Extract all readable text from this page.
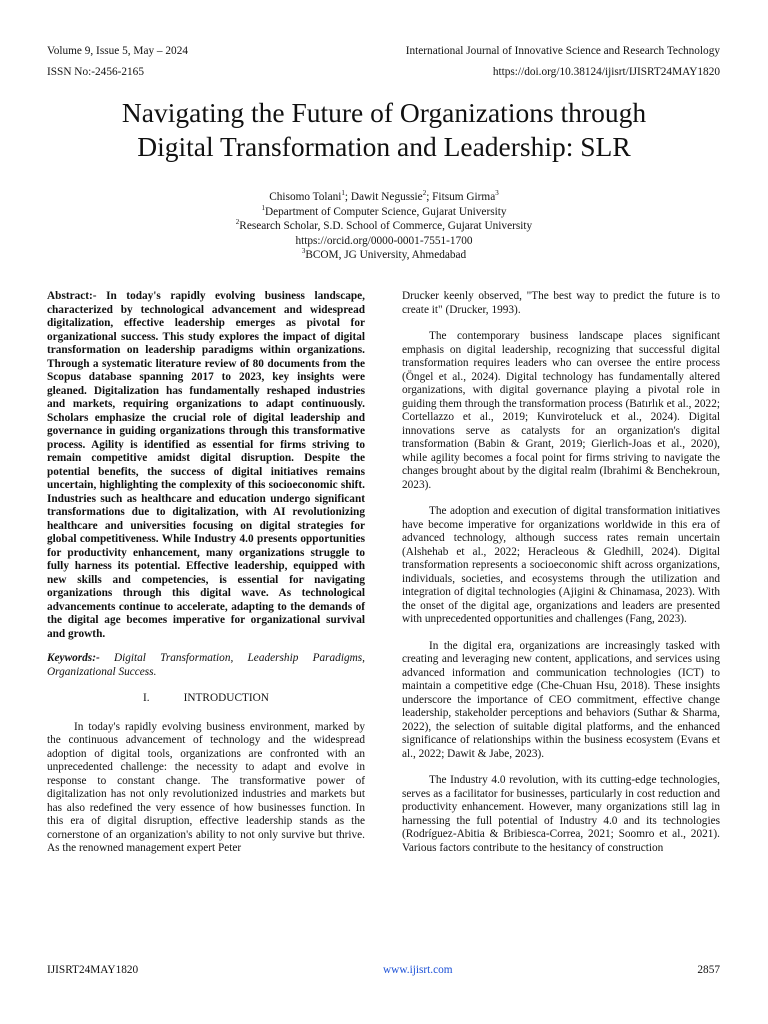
Volume 9, Issue 5, May – 2024	International Journal of Innovative Science and Research Technology
ISSN No:-2456-2165	https://doi.org/10.38124/ijisrt/IJISRT24MAY1820
Navigating the Future of Organizations through
Digital Transformation and Leadership: SLR
Chisomo Tolani$^1$; Dawit Negussie$^2$; Fitsum Girma$^3$
$^1$Department of Computer Science, Gujarat University
$^2$Research Scholar, S.D. School of Commerce, Gujarat University
https://orcid.org/0000-0001-7551-1700
$^3$BCOM, JG University, Ahmedabad

Abstract:- In today's rapidly evolving business landscape, characterized by technological advancement and widespread digitalization, effective leadership emerges as pivotal for organizational success. This study explores the impact of digital transformation on leadership paradigms within organizations. Through a systematic literature review of 80 documents from the Scopus database spanning 2017 to 2023, key insights were gleaned. Digitalization has fundamentally reshaped industries and markets, requiring organizations to adapt continuously. Scholars emphasize the crucial role of digital leadership and governance in guiding organizations through this transformative process. Agility is identified as essential for firms striving to remain competitive amidst digital disruption. Despite the potential benefits, the success of digital initiatives remains uncertain, highlighting the complexity of this socioeconomic shift. Industries such as healthcare and education undergo significant transformations due to digitalization, with AI revolutionizing healthcare and universities focusing on digital strategies for global competitiveness. While Industry 4.0 presents opportunities for productivity enhancement, many organizations struggle to fully harness its potential. Effective leadership, equipped with new skills and competencies, is essential for navigating organizations through this digital wave. As technological advancements continue to accelerate, adapting to the demands of the digital age becomes imperative for organizational survival and growth.

Keywords:- Digital Transformation, Leadership Paradigms, Organizational Success.

I.	INTRODUCTION

In today's rapidly evolving business environment, marked by the continuous advancement of technology and the widespread adoption of digital tools, organizations are confronted with an unprecedented challenge: the necessity to adapt and evolve in response to constant change. The transformative power of digitalization has not only revolutionized industries and markets but has also redefined the very essence of how businesses function. In this era of digital disruption, effective leadership stands as the cornerstone of an organization's ability to not only survive but thrive. As the renowned management expert Peter

Drucker keenly observed, "The best way to predict the future is to create it" (Drucker, 1993).

The contemporary business landscape places significant emphasis on digital leadership, recognizing that successful digital transformation requires leaders who can oversee the entire process (Öngel et al., 2024). Digital technology has fundamentally altered organizations, with digital governance playing a pivotal role in guiding them through the transformation process (Batırlık et al., 2022; Cortellazzo et al., 2019; Kunviroteluck et al., 2024). Digital innovations serve as catalysts for an organization's digital transformation (Babin & Grant, 2019; Gierlich-Joas et al., 2020), while agility becomes a focal point for firms striving to navigate the changes brought about by the digital realm (Ibrahimi & Benchekroun, 2023).

The adoption and execution of digital transformation initiatives have become imperative for organizations worldwide in this era of advanced technology, although success rates remain uncertain (Alshehab et al., 2022; Heracleous & Gledhill, 2024). Digital transformation represents a socioeconomic shift across organizations, individuals, societies, and ecosystems through the utilization and integration of digital technologies (Ajigini & Chinamasa, 2023). With the onset of the digital age, organizations and leaders are presented with unprecedented opportunities and challenges (Fang, 2023).

In the digital era, organizations are increasingly tasked with creating and leveraging new content, applications, and services using advanced information and communication technologies (ICT) to maintain a competitive edge (Che-Chuan Hsu, 2018). These insights underscore the importance of CEO commitment, effective change leadership, stakeholder perceptions and behaviors (Suthar & Sharma, 2022), the selection of suitable digital platforms, and the enhanced significance of relationships within the business ecosystem (Evans et al., 2022; Dawit & Jabe, 2023).

The Industry 4.0 revolution, with its cutting-edge technologies, serves as a facilitator for businesses, particularly in cost reduction and productivity enhancement. However, many organizations still lag in harnessing the full potential of Industry 4.0 and its technologies (Rodríguez-Abitia & Bribiesca-Correa, 2021; Soomro et al., 2021). Various factors contribute to the hesitancy of construction

IJISRT24MAY1820	www.ijisrt.com	2857
